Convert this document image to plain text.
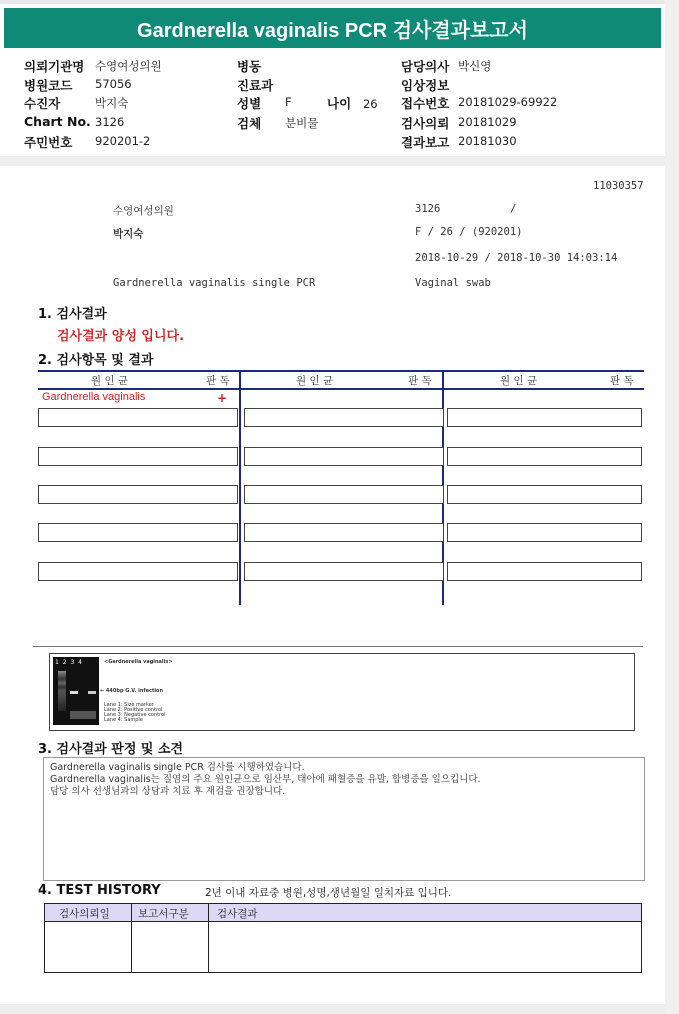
Gardnerella vaginalis PCR 검사결과보고서
의뢰기관명 수영여성의원
병원코드 57056
수진자	박지숙
Chart No. 3126
주민번호 920201-2
병동
진료과
성별 F
검체 분비물
담당의사 박신영
임상정보
접수번호 20181029-69922
검사의뢰 20181029
결과보고 20181030
나이 26
11030357
수영여성의원	3126	/
박지숙	F / 26 / (920201)
2018-10-29 / 2018-10-30 14:03:14
Gardnerella vaginalis single PCR	Vaginal swab
1. 검사결과
검사결과 양성 입니다.
2. 검사항목 및 결과
원 인 균	판 독	원 인 균	판 독	원 인 균	판 독
Gardnerella vaginalis	+
1 2 3 4	<Gardnerella vaginalis>
← 440bp G.V. infection
Lane 1: Size marker
Lane 2: Positive control
Lane 3: Negative control
Lane 4: Sample
3. 검사결과 판정 및 소견
Gardnerella vaginalis single PCR 검사를 시행하였습니다.
Gardnerella vaginalis는 질염의 주요 원인균으로 임산부, 태아에 패혈증을 유발, 합병증을 일으킵니다.
담당 의사 선생님과의 상담과 치료 후 재검을 권장합니다.
4. TEST HISTORY	2년 이내 자료중 병원,성명,생년월일 일치자료 입니다.
검사의뢰일	보고서구분	검사결과
